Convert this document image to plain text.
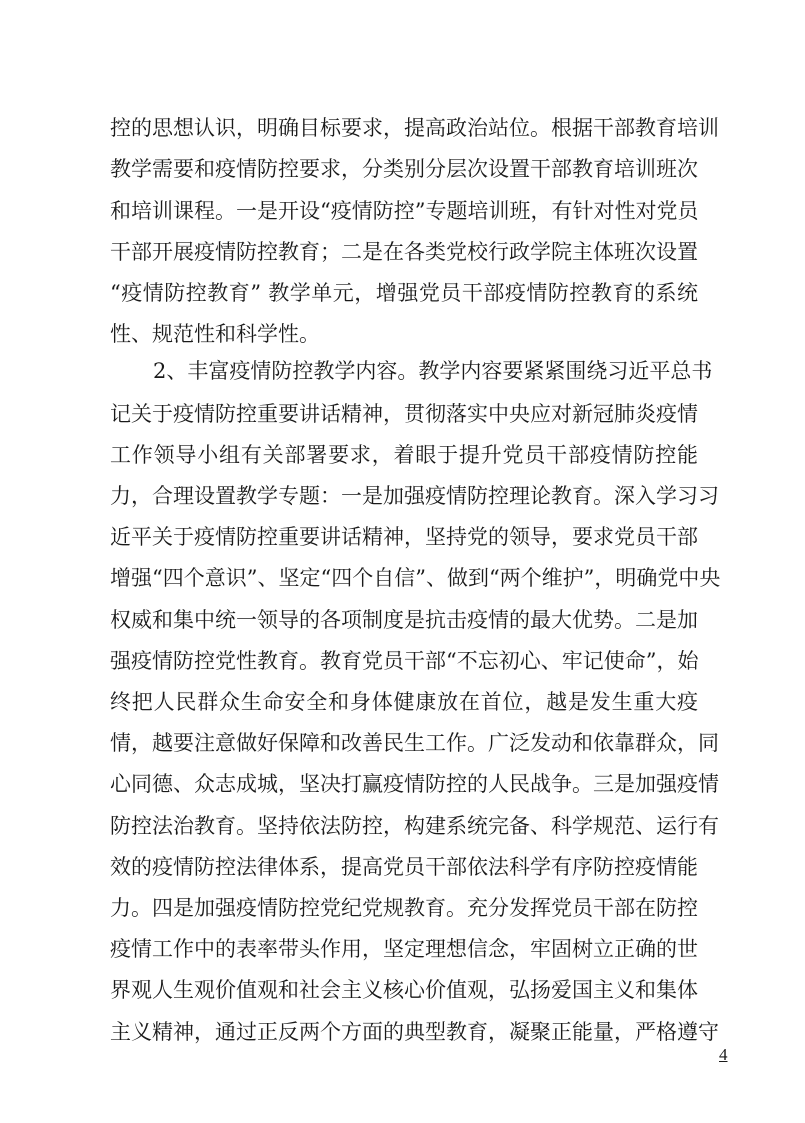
控的思想认识，明确目标要求，提高政治站位。根据干部教育培训
教学需要和疫情防控要求，分类别分层次设置干部教育培训班次
和培训课程。一是开设“疫情防控”专题培训班，有针对性对党员
干部开展疫情防控教育；二是在各类党校行政学院主体班次设置
“疫情防控教育” 教学单元，增强党员干部疫情防控教育的系统
性、规范性和科学性。
2、丰富疫情防控教学内容。教学内容要紧紧围绕习近平总书
记关于疫情防控重要讲话精神，贯彻落实中央应对新冠肺炎疫情
工作领导小组有关部署要求，着眼于提升党员干部疫情防控能
力，合理设置教学专题：一是加强疫情防控理论教育。深入学习习
近平关于疫情防控重要讲话精神，坚持党的领导，要求党员干部
增强“四个意识”、坚定“四个自信”、做到“两个维护”，明确党中央
权威和集中统一领导的各项制度是抗击疫情的最大优势。二是加
强疫情防控党性教育。教育党员干部“不忘初心、牢记使命”，始
终把人民群众生命安全和身体健康放在首位，越是发生重大疫
情，越要注意做好保障和改善民生工作。广泛发动和依靠群众，同
心同德、众志成城，坚决打赢疫情防控的人民战争。三是加强疫情
防控法治教育。坚持依法防控，构建系统完备、科学规范、运行有
效的疫情防控法律体系，提高党员干部依法科学有序防控疫情能
力。四是加强疫情防控党纪党规教育。充分发挥党员干部在防控
疫情工作中的表率带头作用，坚定理想信念，牢固树立正确的世
界观人生观价值观和社会主义核心价值观，弘扬爱国主义和集体
主义精神，通过正反两个方面的典型教育，凝聚正能量，严格遵守
4
